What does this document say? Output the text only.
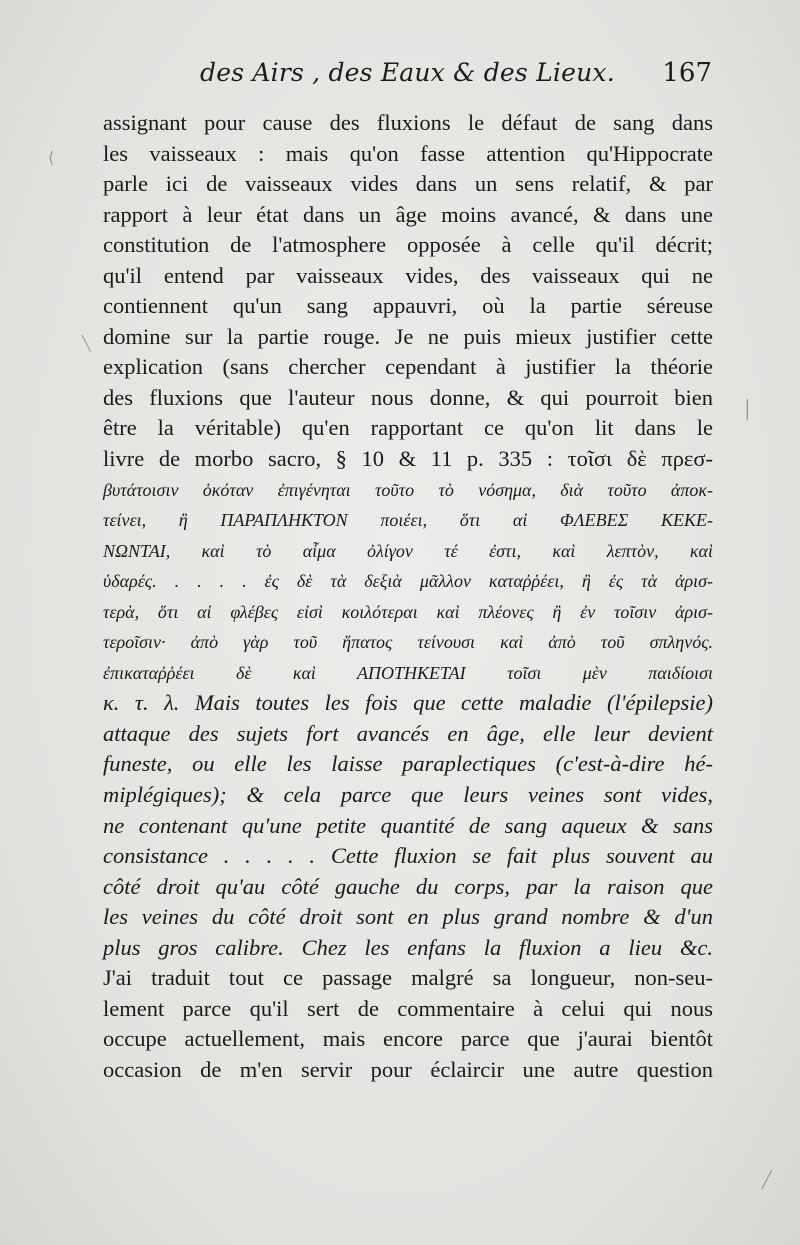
des Airs , des Eaux & des Lieux. 167
assignant pour cause des fluxions le défaut de sang dans
les vaisseaux : mais qu'on fasse attention qu'Hippocrate
parle ici de vaisseaux vides dans un sens relatif, & par
rapport à leur état dans un âge moins avancé, & dans une
constitution de l'atmosphere opposée à celle qu'il décrit;
qu'il entend par vaisseaux vides, des vaisseaux qui ne
contiennent qu'un sang appauvri, où la partie séreuse
domine sur la partie rouge. Je ne puis mieux justifier cette
explication (sans chercher cependant à justifier la théorie
des fluxions que l'auteur nous donne, & qui pourroit bien
être la véritable) qu'en rapportant ce qu'on lit dans le
livre de morbo sacro, § 10 & 11 p. 335 : τοῖσι δὲ πρεσ-
βυτάτοισιν ὁκόταν ἐπιγένηται τοῦτο τὸ νόσημα, διὰ τοῦτο ἀποκ-
τείνει, ἢ ΠΑΡΑΠΛΗΚΤΟΝ ποιέει, ὅτι αἱ ΦΛΕΒΕΣ ΚΕΚΕ-
ΝΩΝΤΑΙ, καὶ τὸ αἷμα ὀλίγον τέ ἐστι, καὶ λεπτὸν, καὶ
ὑδαρές. . . . . ἐς δὲ τὰ δεξιὰ μᾶλλον καταῤῥέει, ἢ ἐς τὰ ἀρισ-
τερὰ, ὅτι αἱ φλέβες εἰσὶ κοιλότεραι καὶ πλέονες ἢ ἐν τοῖσιν ἀρισ-
τεροῖσιν· ἀπὸ γὰρ τοῦ ἥπατος τείνουσι καὶ ἀπὸ τοῦ σπληνός.
ἐπικαταῤῥέει δὲ καὶ ΑΠΟΤΗΚΕΤΑΙ τοῖσι μὲν παιδίοισι
κ. τ. λ. Mais toutes les fois que cette maladie (l'épilepsie)
attaque des sujets fort avancés en âge, elle leur devient
funeste, ou elle les laisse paraplectiques (c'est-à-dire hé-
miplégiques); & cela parce que leurs veines sont vides,
ne contenant qu'une petite quantité de sang aqueux & sans
consistance . . . . . Cette fluxion se fait plus souvent au
côté droit qu'au côté gauche du corps, par la raison que
les veines du côté droit sont en plus grand nombre & d'un
plus gros calibre. Chez les enfans la fluxion a lieu &c.
J'ai traduit tout ce passage malgré sa longueur, non-seu-
lement parce qu'il sert de commentaire à celui qui nous
occupe actuellement, mais encore parce que j'aurai bientôt
occasion de m'en servir pour éclaircir une autre question
⟨
╲
│
╱
